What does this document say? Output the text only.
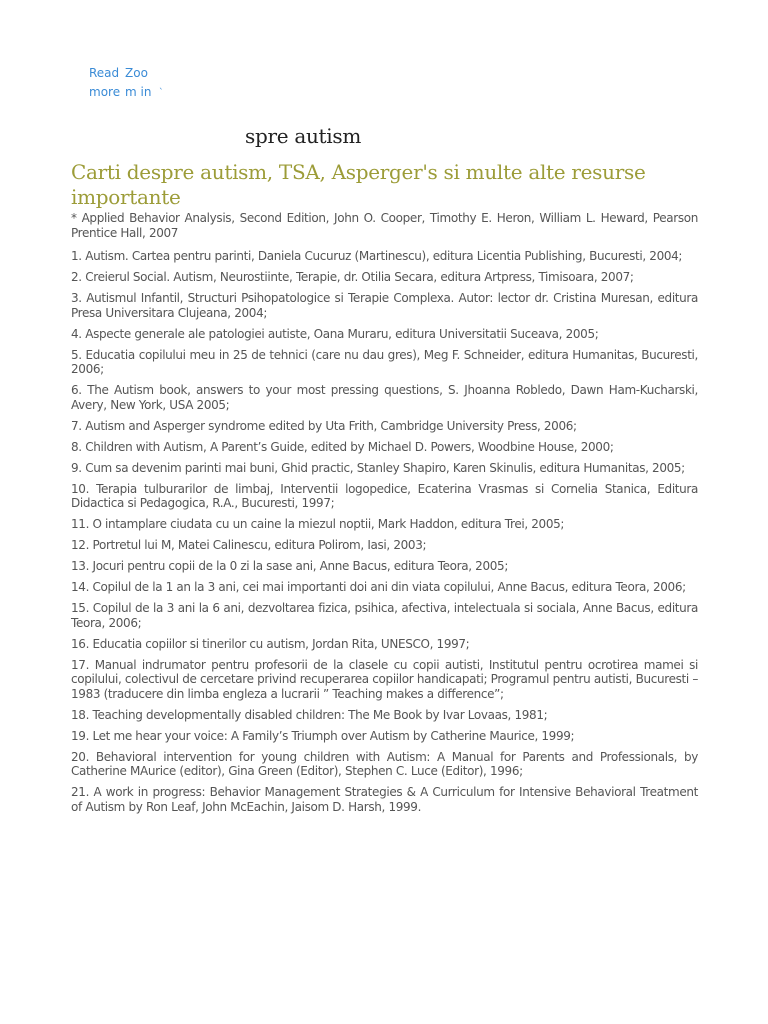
Read
more
Zoo
m in ˋ
spre autism
Carti despre autism, TSA, Asperger's si multe alte resurse importante

* Applied Behavior Analysis, Second Edition, John O. Cooper, Timothy E. Heron, William L. Heward, Pearson Prentice Hall, 2007

1. Autism. Cartea pentru parinti, Daniela Cucuruz (Martinescu), editura Licentia Publishing, Bucuresti, 2004;
2. Creierul Social. Autism, Neurostiinte, Terapie, dr. Otilia Secara, editura Artpress, Timisoara, 2007;
3. Autismul Infantil, Structuri Psihopatologice si Terapie Complexa. Autor: lector dr. Cristina Muresan, editura Presa Universitara Clujeana, 2004;
4. Aspecte generale ale patologiei autiste, Oana Muraru, editura Universitatii Suceava, 2005;
5. Educatia copilului meu in 25 de tehnici (care nu dau gres), Meg F. Schneider, editura Humanitas, Bucuresti, 2006;
6. The Autism book, answers to your most pressing questions, S. Jhoanna Robledo, Dawn Ham-Kucharski, Avery, New York, USA 2005;
7. Autism and Asperger syndrome edited by Uta Frith, Cambridge University Press, 2006;
8. Children with Autism, A Parent’s Guide, edited by Michael D. Powers, Woodbine House, 2000;
9. Cum sa devenim parinti mai buni, Ghid practic, Stanley Shapiro, Karen Skinulis, editura Humanitas, 2005;
10. Terapia tulburarilor de limbaj, Interventii logopedice, Ecaterina Vrasmas si Cornelia Stanica, Editura Didactica si Pedagogica, R.A., Bucuresti, 1997;
11. O intamplare ciudata cu un caine la miezul noptii, Mark Haddon, editura Trei, 2005;
12. Portretul lui M, Matei Calinescu, editura Polirom, Iasi, 2003;
13. Jocuri pentru copii de la 0 zi la sase ani, Anne Bacus, editura Teora, 2005;
14. Copilul de la 1 an la 3 ani, cei mai importanti doi ani din viata copilului, Anne Bacus, editura Teora, 2006;
15. Copilul de la 3 ani la 6 ani, dezvoltarea fizica, psihica, afectiva, intelectuala si sociala, Anne Bacus, editura Teora, 2006;
16. Educatia copiilor si tinerilor cu autism, Jordan Rita, UNESCO, 1997;
17. Manual indrumator pentru profesorii de la clasele cu copii autisti, Institutul pentru ocrotirea mamei si copilului, colectivul de cercetare privind recuperarea copiilor handicapati; Programul pentru autisti, Bucuresti – 1983 (traducere din limba engleza a lucrarii ” Teaching makes a difference”;
18. Teaching developmentally disabled children: The Me Book by Ivar Lovaas, 1981;
19. Let me hear your voice: A Family’s Triumph over Autism by Catherine Maurice, 1999;
20. Behavioral intervention for young children with Autism: A Manual for Parents and Professionals, by Catherine MAurice (editor), Gina Green (Editor), Stephen C. Luce (Editor), 1996;
21. A work in progress: Behavior Management Strategies & A Curriculum for Intensive Behavioral Treatment of Autism by Ron Leaf, John McEachin, Jaisom D. Harsh, 1999.
